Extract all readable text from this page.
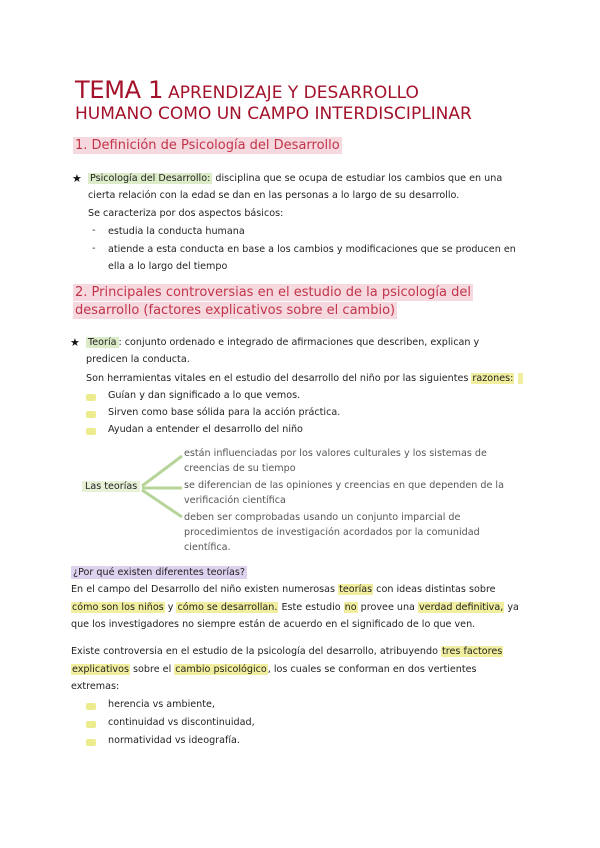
TEMA 1 APRENDIZAJE Y DESARROLLO
HUMANO COMO UN CAMPO INTERDISCIPLINAR
1. Definición de Psicología del Desarrollo
★ Psicología del Desarrollo: disciplina que se ocupa de estudiar los cambios que en una
cierta relación con la edad se dan en las personas a lo largo de su desarrollo.
Se caracteriza por dos aspectos básicos:
- estudia la conducta humana
- atiende a esta conducta en base a los cambios y modificaciones que se producen en
ella a lo largo del tiempo
2. Principales controversias en el estudio de la psicología del
desarrollo (factores explicativos sobre el cambio)
★ Teoría : conjunto ordenado e integrado de afirmaciones que describen, explican y
predicen la conducta.
Son herramientas vitales en el estudio del desarrollo del niño por las siguientes razones:
Guían y dan significado a lo que vemos.
Sirven como base sólida para la acción práctica.
Ayudan a entender el desarrollo del niño
Las teorías
están influenciadas por los valores culturales y los sistemas de
creencias de su tiempo
se diferencian de las opiniones y creencias en que dependen de la
verificación científica
deben ser comprobadas usando un conjunto imparcial de
procedimientos de investigación acordados por la comunidad
científica.
¿Por qué existen diferentes teorías?
En el campo del Desarrollo del niño existen numerosas teorías con ideas distintas sobre
cómo son los niños y cómo se desarrollan. Este estudio no provee una verdad definitiva, ya
que los investigadores no siempre están de acuerdo en el significado de lo que ven.
Existe controversia en el estudio de la psicología del desarrollo, atribuyendo tres factores
explicativos sobre el cambio psicológico, los cuales se conforman en dos vertientes
extremas:
herencia vs ambiente,
continuidad vs discontinuidad,
normatividad vs ideografía.
